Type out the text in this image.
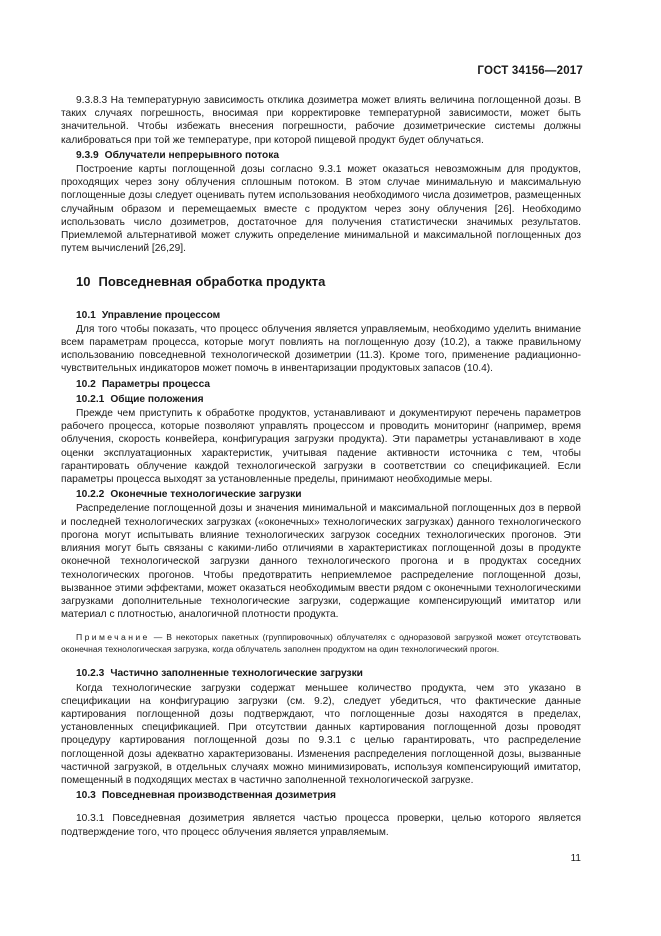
ГОСТ 34156—2017

9.3.8.3 На температурную зависимость отклика дозиметра может влиять величина поглощенной дозы. В таких случаях погрешность, вносимая при корректировке температурной зависимости, может быть значительной. Чтобы избежать внесения погрешности, рабочие дозиметрические системы должны калиброваться при той же температуре, при которой пищевой продукт будет облучаться.

9.3.9 Облучатели непрерывного потока

Построение карты поглощенной дозы согласно 9.3.1 может оказаться невозможным для продуктов, проходящих через зону облучения сплошным потоком. В этом случае минимальную и максимальную поглощенные дозы следует оценивать путем использования необходимого числа дозиметров, размещенных случайным образом и перемещаемых вместе с продуктом через зону облучения [26]. Необходимо использовать число дозиметров, достаточное для получения статистически значимых результатов. Приемлемой альтернативой может служить определение минимальной и максимальной поглощенных доз путем вычислений [26,29].

10 Повседневная обработка продукта
10.1 Управление процессом

Для того чтобы показать, что процесс облучения является управляемым, необходимо уделить внимание всем параметрам процесса, которые могут повлиять на поглощенную дозу (10.2), а также правильному использованию повседневной технологической дозиметрии (11.3). Кроме того, применение радиационно-чувствительных индикаторов может помочь в инвентаризации продуктовых запасов (10.4).

10.2 Параметры процесса
10.2.1 Общие положения

Прежде чем приступить к обработке продуктов, устанавливают и документируют перечень параметров рабочего процесса, которые позволяют управлять процессом и проводить мониторинг (например, время облучения, скорость конвейера, конфигурация загрузки продукта). Эти параметры устанавливают в ходе оценки эксплуатационных характеристик, учитывая падение активности источника с тем, чтобы гарантировать облучение каждой технологической загрузки в соответствии со спецификацией. Если параметры процесса выходят за установленные пределы, принимают необходимые меры.

10.2.2 Оконечные технологические загрузки

Распределение поглощенной дозы и значения минимальной и максимальной поглощенных доз в первой и последней технологических загрузках («оконечных» технологических загрузках) данного технологического прогона могут испытывать влияние технологических загрузок соседних технологических прогонов. Эти влияния могут быть связаны с какими-либо отличиями в характеристиках поглощенной дозы в продукте оконечной технологической загрузки данного технологического прогона и в продуктах соседних технологических прогонов. Чтобы предотвратить неприемлемое распределение поглощенной дозы, вызванное этими эффектами, может оказаться необходимым ввести рядом с оконечными технологическими загрузками дополнительные технологические загрузки, содержащие компенсирующий имитатор или материал с плотностью, аналогичной плотности продукта.

Примечание — В некоторых пакетных (группировочных) облучателях с одноразовой загрузкой может отсутствовать оконечная технологическая загрузка, когда облучатель заполнен продуктом на один технологический прогон.
10.2.3 Частично заполненные технологические загрузки

Когда технологические загрузки содержат меньшее количество продукта, чем это указано в спецификации на конфигурацию загрузки (см. 9.2), следует убедиться, что фактические данные картирования поглощенной дозы подтверждают, что поглощенные дозы находятся в пределах, установленных спецификацией. При отсутствии данных картирования поглощенной дозы проводят процедуру картирования поглощенной дозы по 9.3.1 с целью гарантировать, что распределение поглощенной дозы адекватно характеризованы. Изменения распределения поглощенной дозы, вызванные частичной загрузкой, в отдельных случаях можно минимизировать, используя компенсирующий имитатор, помещенный в подходящих местах в частично заполненной технологической загрузке.

10.3 Повседневная производственная дозиметрия

10.3.1 Повседневная дозиметрия является частью процесса проверки, целью которого является подтверждение того, что процесс облучения является управляемым.

11
